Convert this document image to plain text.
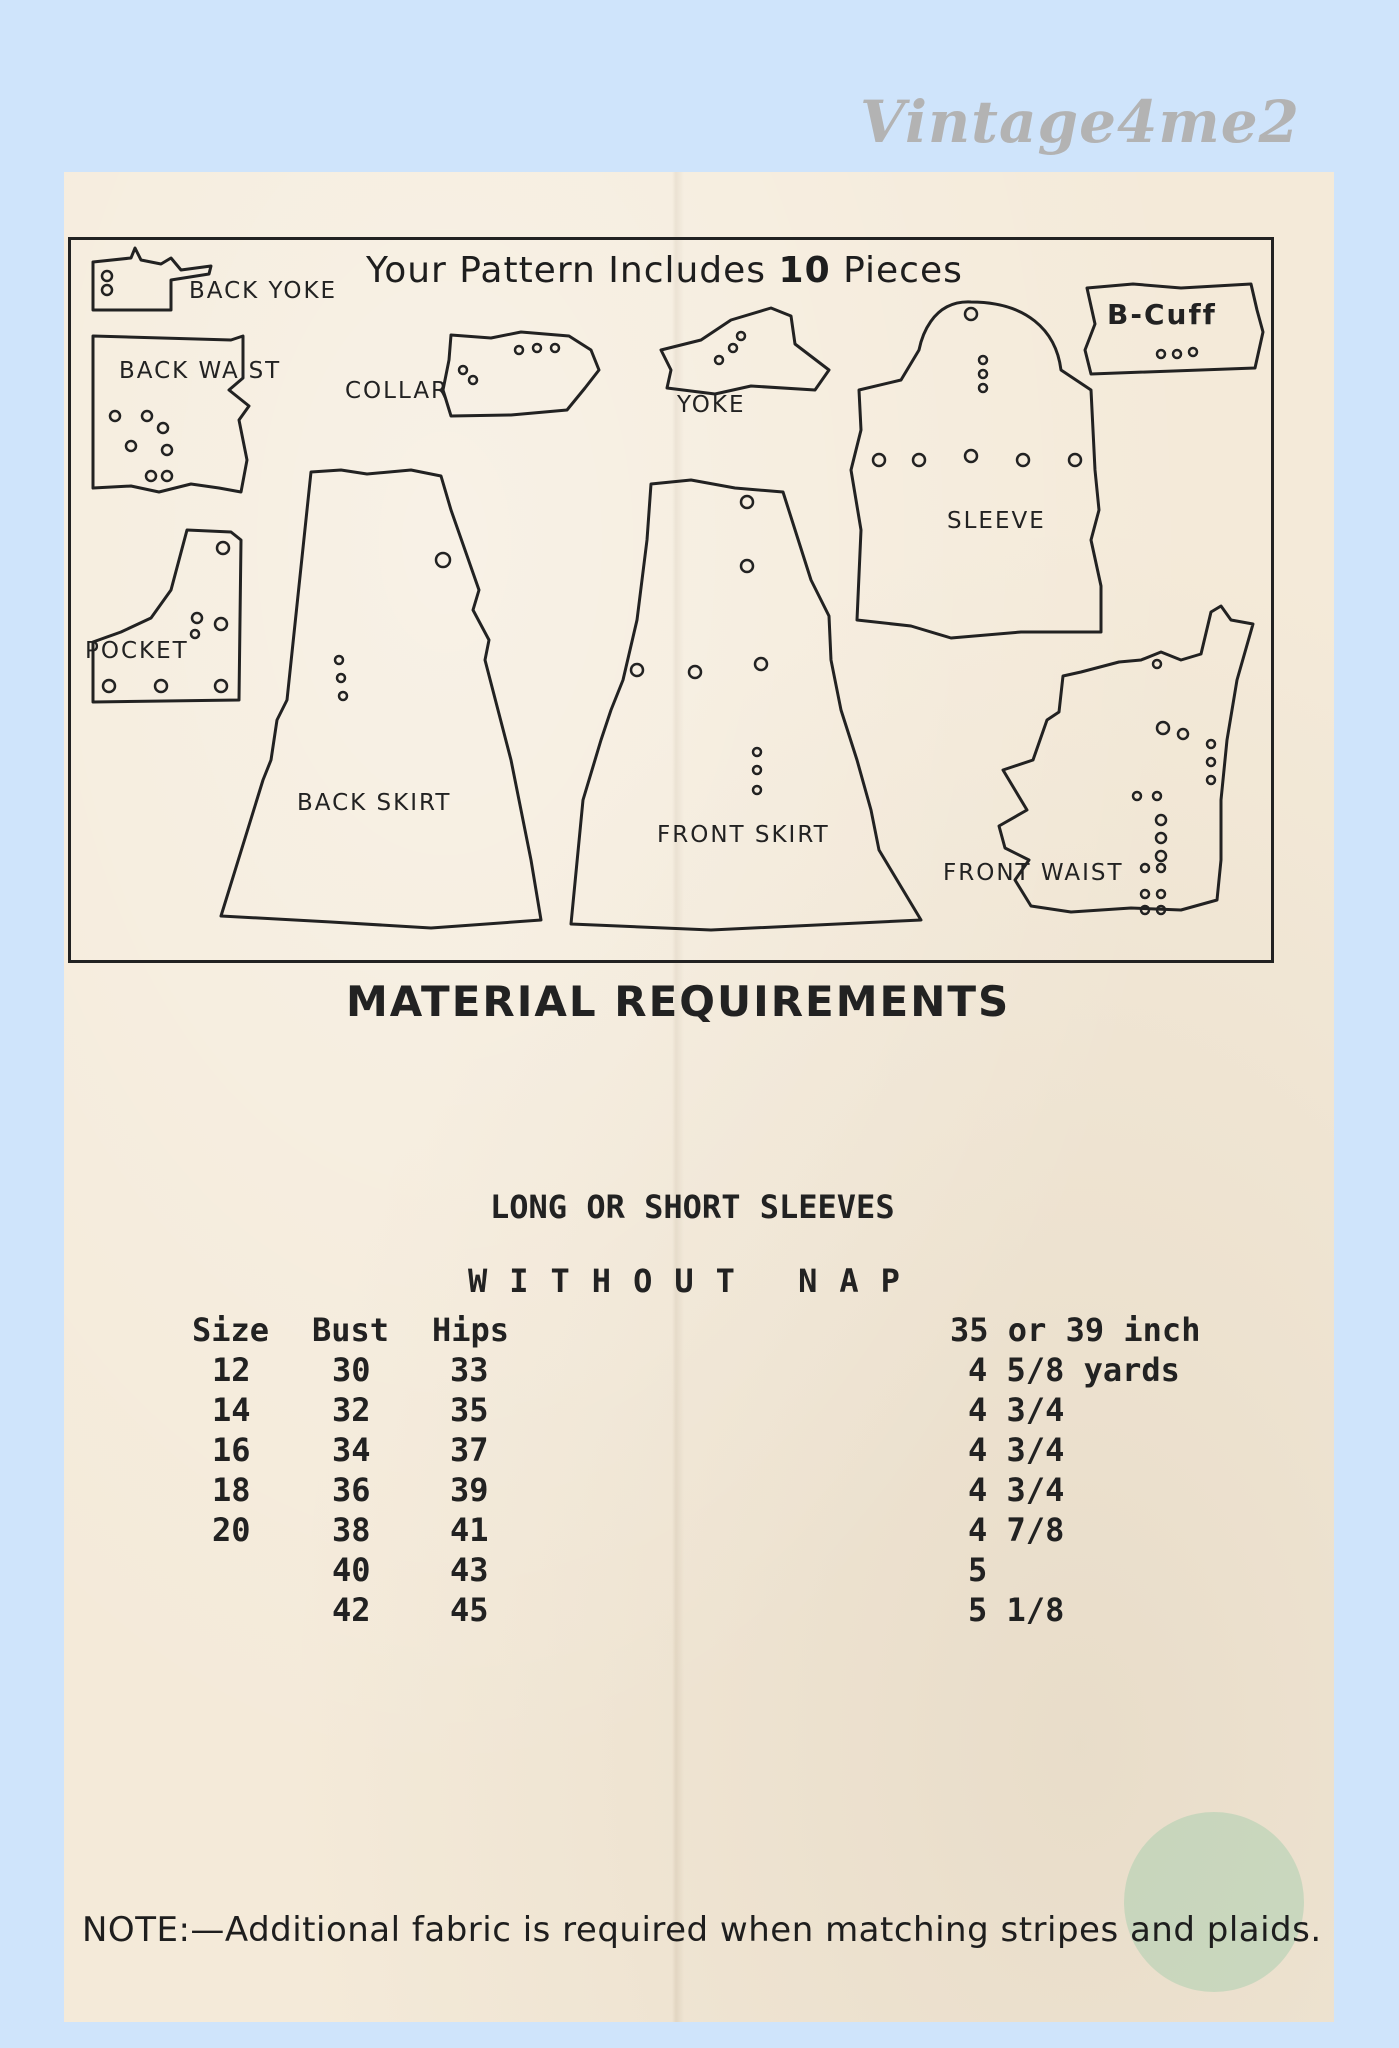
Vintage4me2
Your Pattern Includes 10 Pieces
BACK YOKE
BACK WAIST
COLLAR
YOKE
B-Cuff
SLEEVE
POCKET
BACK SKIRT
FRONT SKIRT
FRONT WAIST
MATERIAL REQUIREMENTS
LONG OR SHORT SLEEVES
WITHOUT NAP
Size
12
14
16
18
20
Bust
30
32
34
36
38
40
42
Hips
33
35
37
39
41
43
45
35 or 39 inch
4 5/8 yards
4 3/4
4 3/4
4 3/4
4 7/8
5
5 1/8
NOTE:—Additional fabric is required when matching stripes and plaids.
